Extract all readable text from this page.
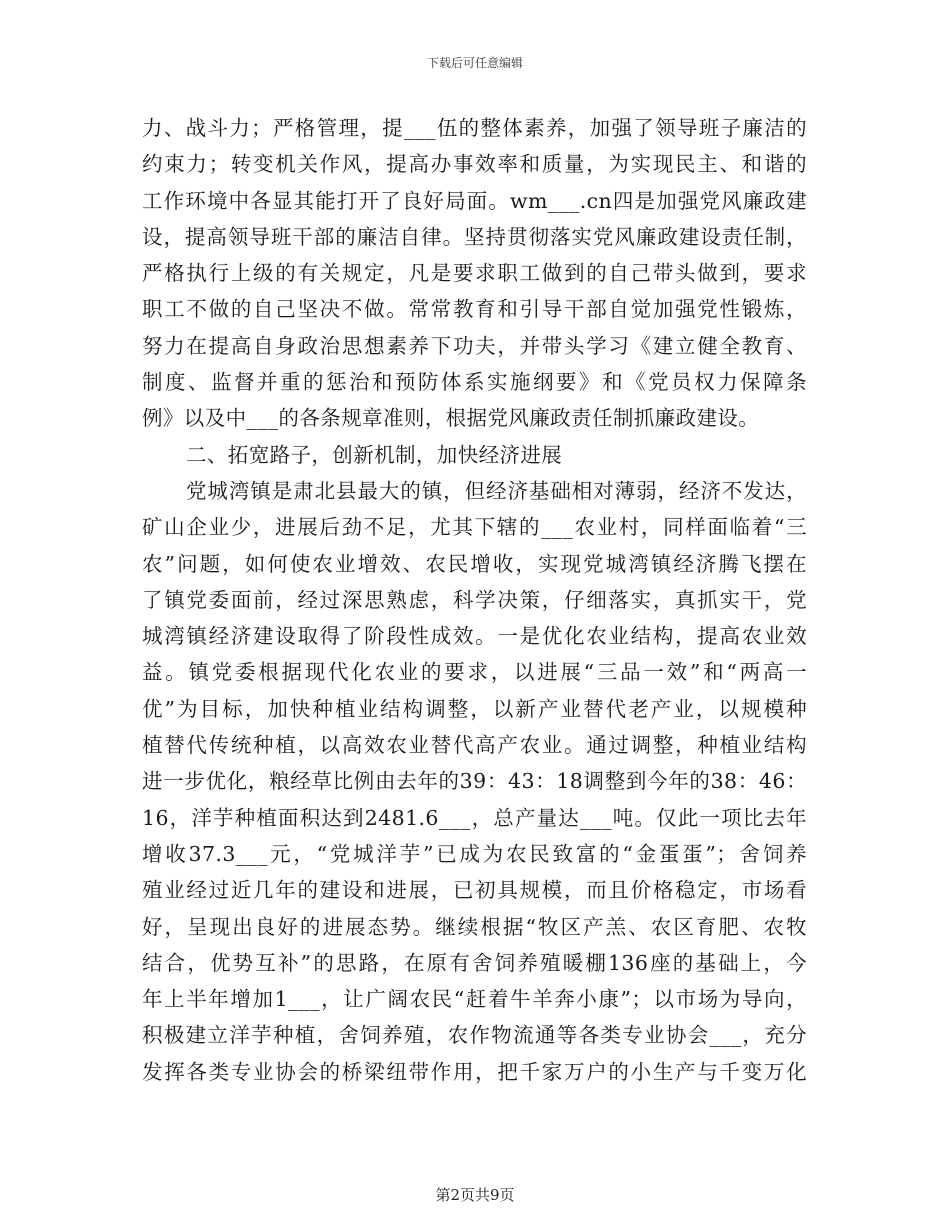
下载后可任意编辑
力、战斗力；严格管理，提___伍的整体素养，加强了领导班子廉洁的
约束力；转变机关作风，提高办事效率和质量，为实现民主、和谐的
工作环境中各显其能打开了良好局面。wm___.cn四是加强党风廉政建
设，提高领导班干部的廉洁自律。坚持贯彻落实党风廉政建设责任制，
严格执行上级的有关规定，凡是要求职工做到的自己带头做到，要求
职工不做的自己坚决不做。常常教育和引导干部自觉加强党性锻炼，
努力在提高自身政治思想素养下功夫，并带头学习《建立健全教育、
制度、监督并重的惩治和预防体系实施纲要》和《党员权力保障条
例》以及中___的各条规章准则，根据党风廉政责任制抓廉政建设。
二、拓宽路子，创新机制，加快经济进展
党城湾镇是肃北县最大的镇，但经济基础相对薄弱，经济不发达，
矿山企业少，进展后劲不足，尤其下辖的___农业村，同样面临着“三
农”问题，如何使农业增效、农民增收，实现党城湾镇经济腾飞摆在
了镇党委面前，经过深思熟虑，科学决策，仔细落实，真抓实干，党
城湾镇经济建设取得了阶段性成效。一是优化农业结构，提高农业效
益。镇党委根据现代化农业的要求，以进展“三品一效”和“两高一
优”为目标，加快种植业结构调整，以新产业替代老产业，以规模种
植替代传统种植，以高效农业替代高产农业。通过调整，种植业结构
进一步优化，粮经草比例由去年的39：43：18调整到今年的38：46：
16，洋芋种植面积达到2481.6___，总产量达___吨。仅此一项比去年
增收37.3___元，“党城洋芋”已成为农民致富的“金蛋蛋”；舍饲养
殖业经过近几年的建设和进展，已初具规模，而且价格稳定，市场看
好，呈现出良好的进展态势。继续根据“牧区产羔、农区育肥、农牧
结合，优势互补”的思路，在原有舍饲养殖暖棚136座的基础上，今
年上半年增加1___，让广阔农民“赶着牛羊奔小康”；以市场为导向，
积极建立洋芋种植，舍饲养殖，农作物流通等各类专业协会___，充分
发挥各类专业协会的桥梁纽带作用，把千家万户的小生产与千变万化
第2页共9页
